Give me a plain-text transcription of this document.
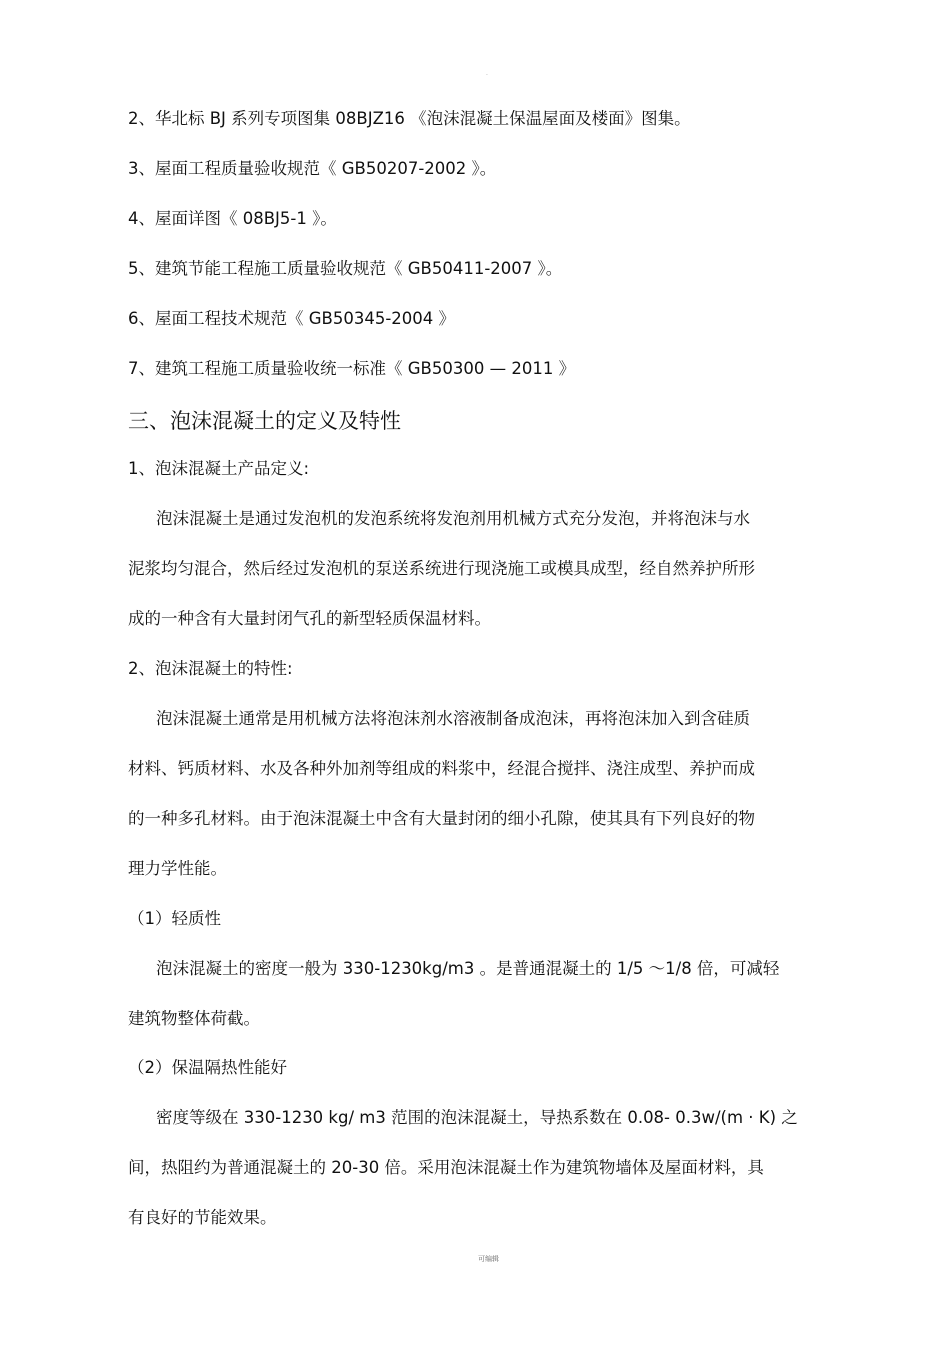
.
2、华北标 BJ 系列专项图集 08BJZ16 《泡沫混凝土保温屋面及楼面》图集。
3、屋面工程质量验收规范《 GB50207-2002 》。
4、屋面详图《 08BJ5-1 》。
5、建筑节能工程施工质量验收规范《 GB50411-2007 》。
6、屋面工程技术规范《 GB50345-2004 》
7、建筑工程施工质量验收统一标准《 GB50300 — 2011 》
三、泡沫混凝土的定义及特性
1、泡沫混凝土产品定义:
泡沫混凝土是通过发泡机的发泡系统将发泡剂用机械方式充分发泡，并将泡沫与水
泥浆均匀混合，然后经过发泡机的泵送系统进行现浇施工或模具成型，经自然养护所形
成的一种含有大量封闭气孔的新型轻质保温材料。
2、泡沫混凝土的特性:
泡沫混凝土通常是用机械方法将泡沫剂水溶液制备成泡沫，再将泡沫加入到含硅质
材料、钙质材料、水及各种外加剂等组成的料浆中，经混合搅拌、浇注成型、养护而成
的一种多孔材料。由于泡沫混凝土中含有大量封闭的细小孔隙，使其具有下列良好的物
理力学性能。
（1）轻质性
泡沫混凝土的密度一般为 330-1230kg/m3 。是普通混凝土的 1/5 ～1/8 倍，可减轻
建筑物整体荷截。
（2）保温隔热性能好
密度等级在 330-1230 kg/ m3 范围的泡沫混凝土，导热系数在 0.08- 0.3w/(m · K) 之
间，热阻约为普通混凝土的 20-30 倍。采用泡沫混凝土作为建筑物墙体及屋面材料，具
有良好的节能效果。
可编辑
